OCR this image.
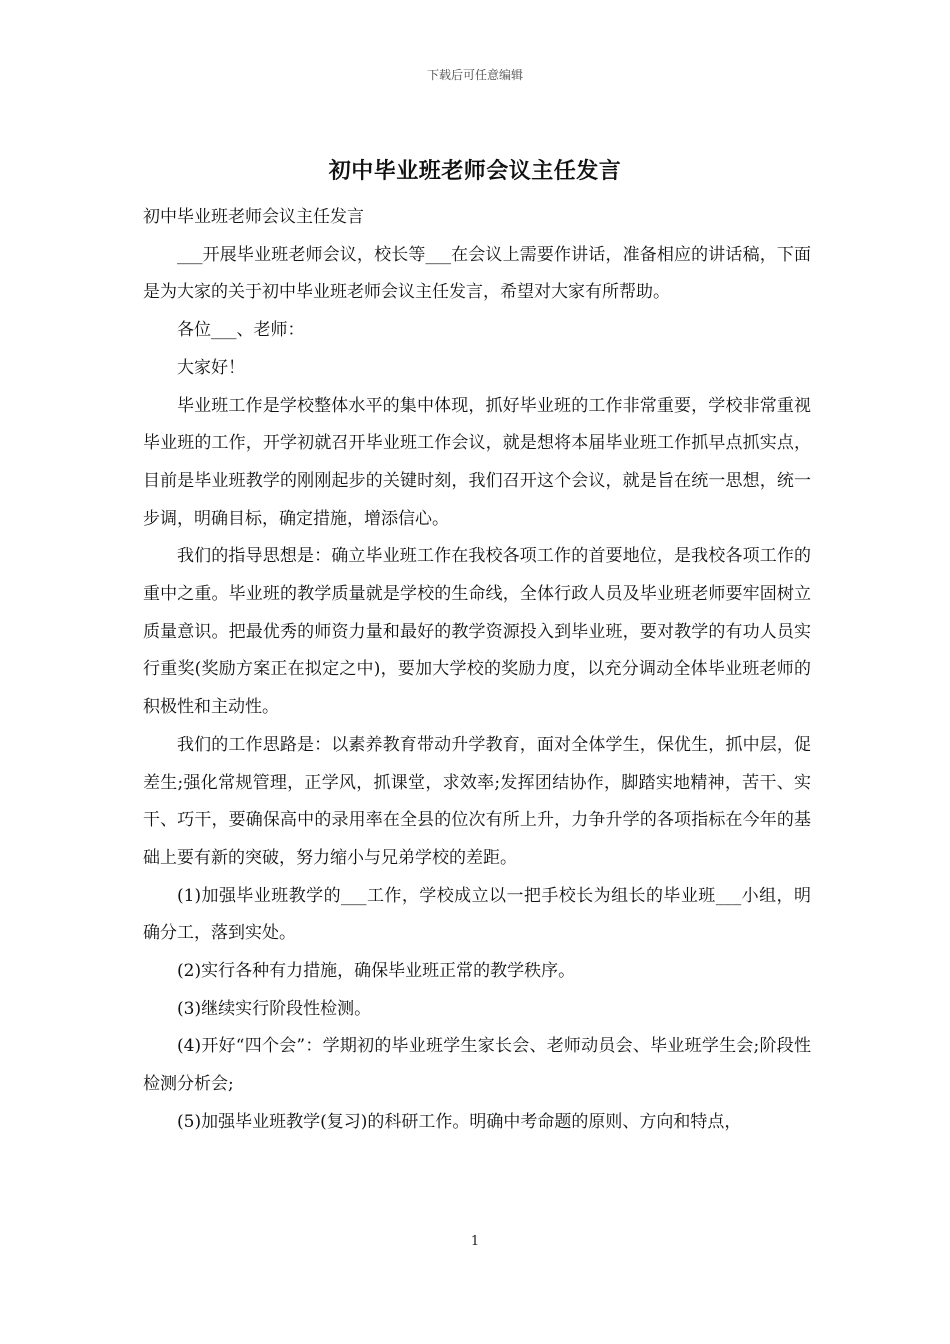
下载后可任意编辑
初中毕业班老师会议主任发言

初中毕业班老师会议主任发言

___开展毕业班老师会议，校长等___在会议上需要作讲话，准备相应的讲话稿，下面是为大家的关于初中毕业班老师会议主任发言，希望对大家有所帮助。

各位___、老师：

大家好！

毕业班工作是学校整体水平的集中体现，抓好毕业班的工作非常重要，学校非常重视毕业班的工作，开学初就召开毕业班工作会议，就是想将本届毕业班工作抓早点抓实点，目前是毕业班教学的刚刚起步的关键时刻，我们召开这个会议，就是旨在统一思想，统一步调，明确目标，确定措施，增添信心。

我们的指导思想是：确立毕业班工作在我校各项工作的首要地位，是我校各项工作的重中之重。毕业班的教学质量就是学校的生命线，全体行政人员及毕业班老师要牢固树立质量意识。把最优秀的师资力量和最好的教学资源投入到毕业班，要对教学的有功人员实行重奖(奖励方案正在拟定之中)，要加大学校的奖励力度，以充分调动全体毕业班老师的积极性和主动性。

我们的工作思路是：以素养教育带动升学教育，面对全体学生，保优生，抓中层，促差生;强化常规管理，正学风，抓课堂，求效率;发挥团结协作，脚踏实地精神，苦干、实干、巧干，要确保高中的录用率在全县的位次有所上升，力争升学的各项指标在今年的基础上要有新的突破，努力缩小与兄弟学校的差距。

(1)加强毕业班教学的___工作，学校成立以一把手校长为组长的毕业班___小组，明确分工，落到实处。

(2)实行各种有力措施，确保毕业班正常的教学秩序。

(3)继续实行阶段性检测。

(4)开好“四个会”：学期初的毕业班学生家长会、老师动员会、毕业班学生会;阶段性检测分析会;

(5)加强毕业班教学(复习)的科研工作。明确中考命题的原则、方向和特点，

1
